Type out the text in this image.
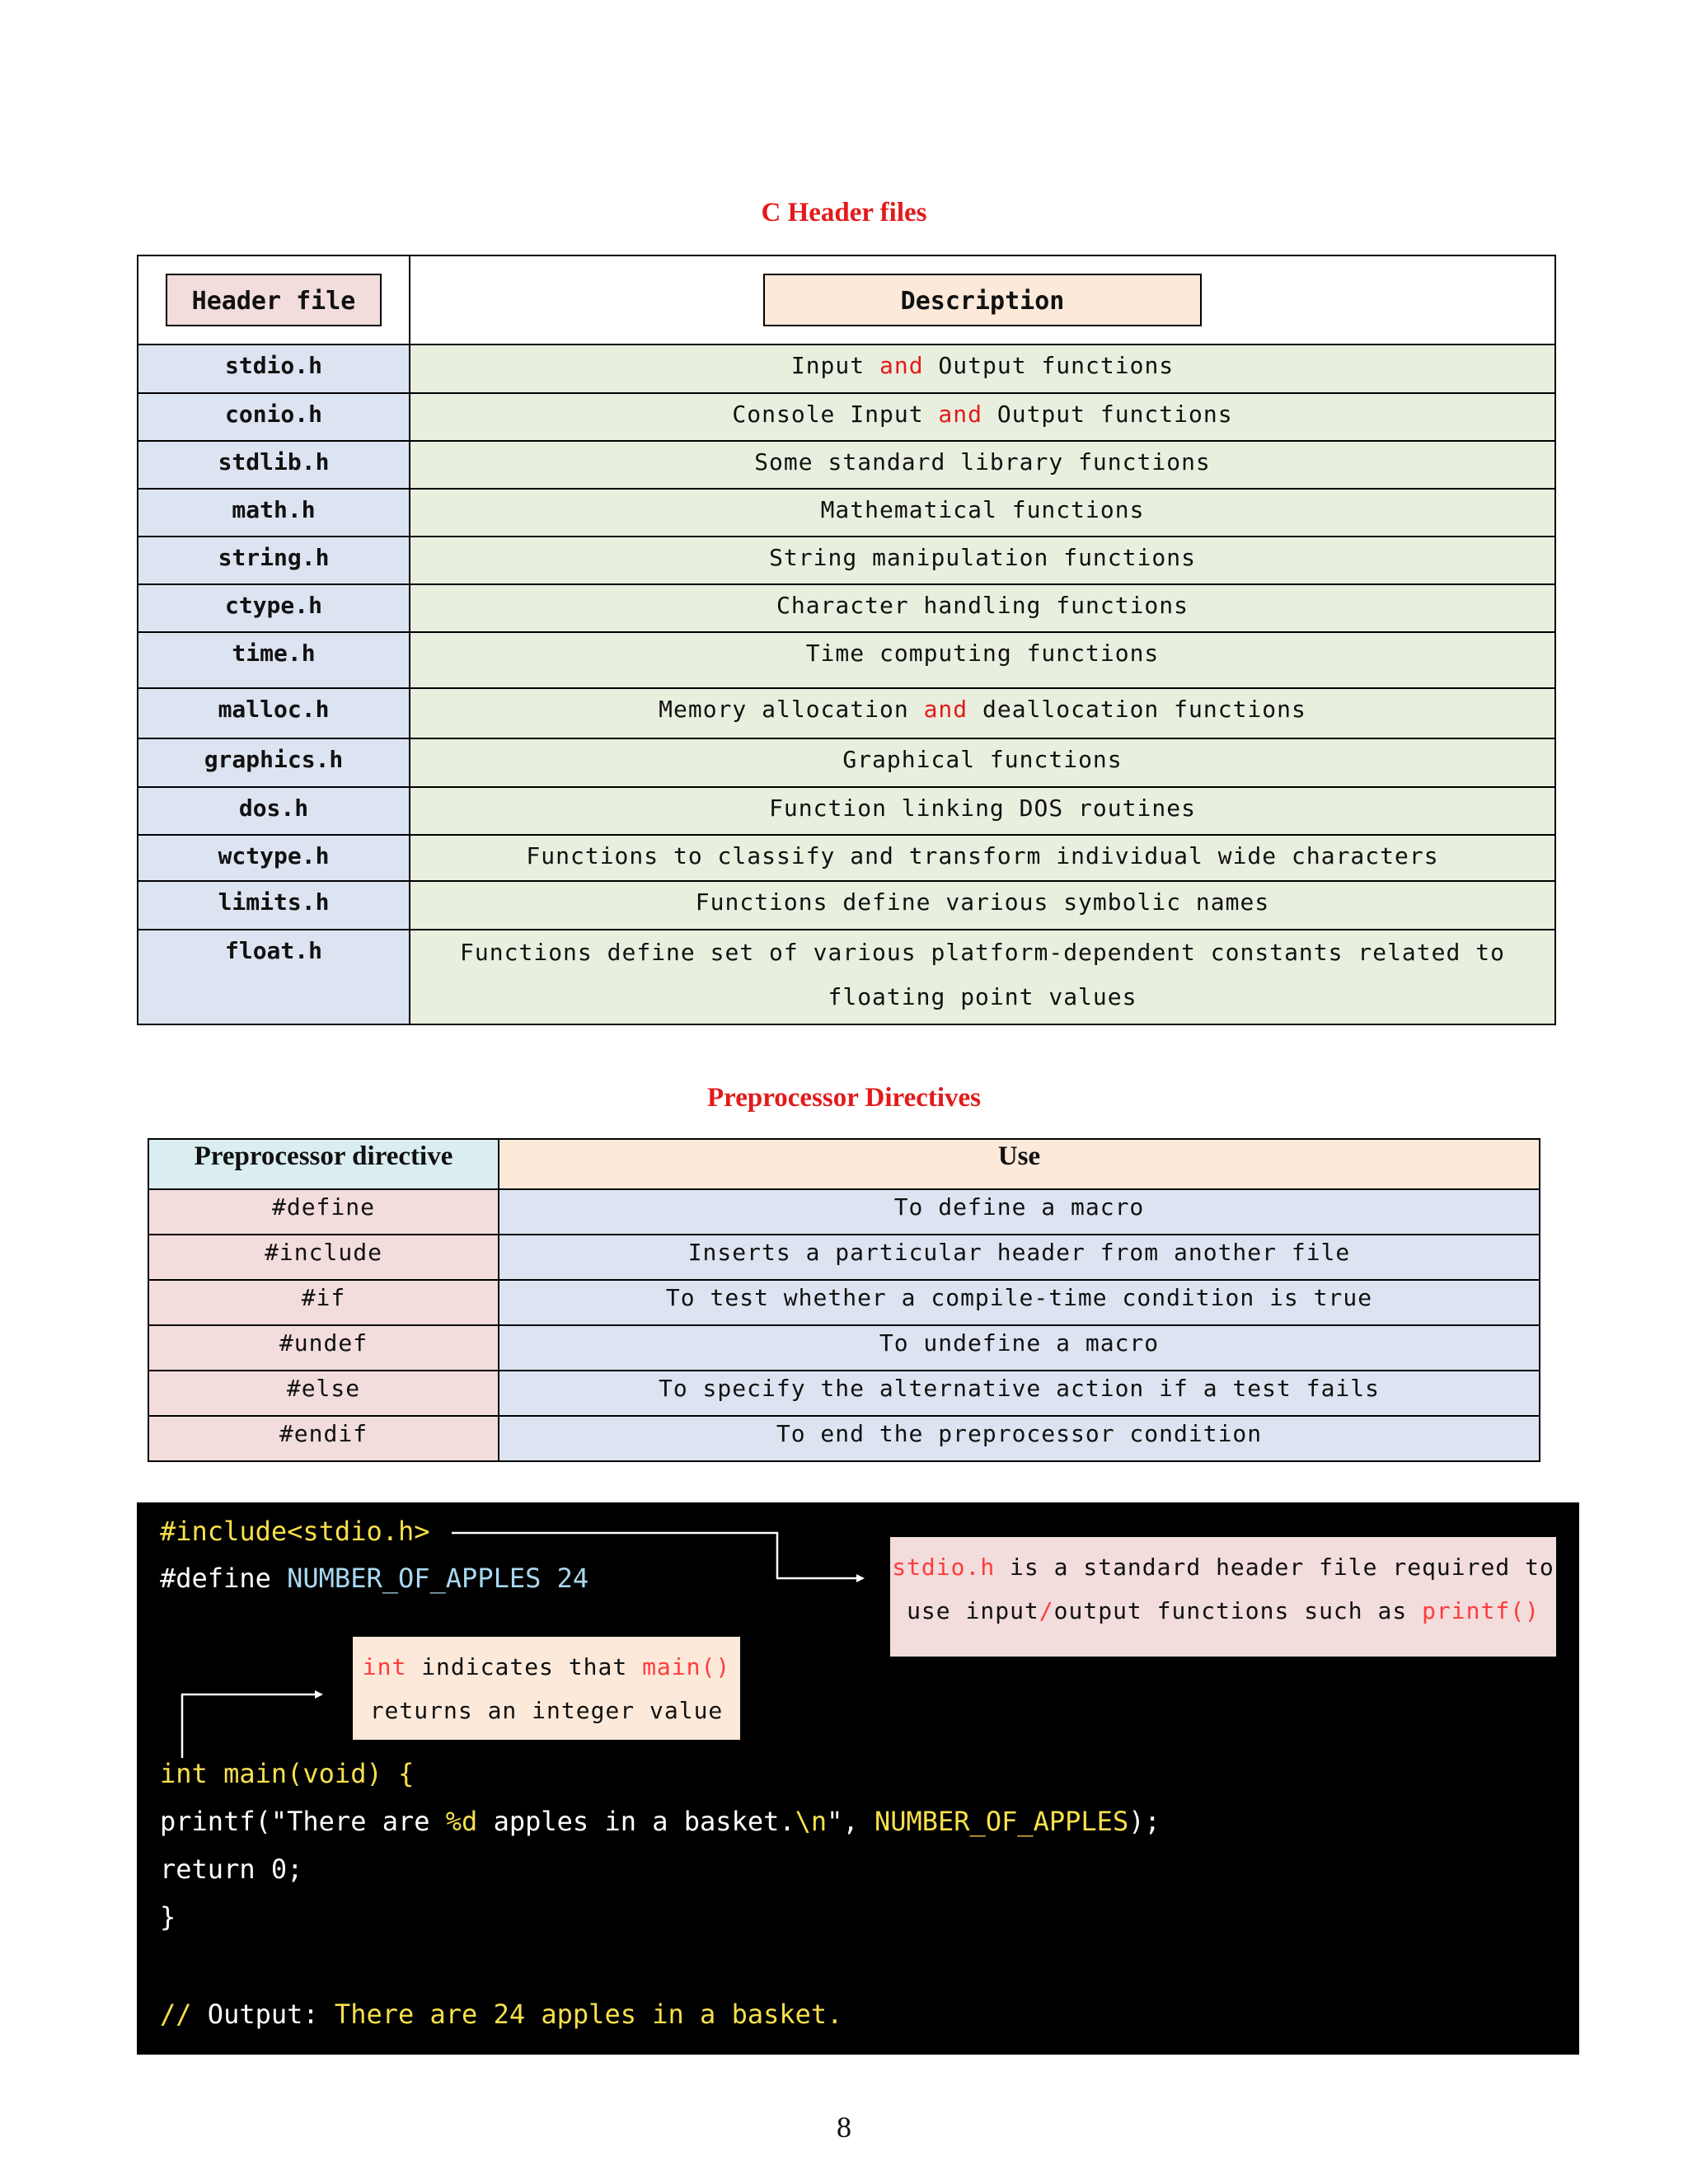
C Header files
Header file	Description
stdio.h	Input and Output functions
conio.h	Console Input and Output functions
stdlib.h	Some standard library functions
math.h	Mathematical functions
string.h	String manipulation functions
ctype.h	Character handling functions
time.h	Time computing functions
malloc.h	Memory allocation and deallocation functions
graphics.h	Graphical functions
dos.h	Function linking DOS routines
wctype.h	Functions to classify and transform individual wide characters
limits.h	Functions define various symbolic names
float.h	Functions define set of various platform-dependent constants related to
floating point values
Preprocessor Directives
Preprocessor directive	Use
#define	To define a macro
#include	Inserts a particular header from another file
#if	To test whether a compile-time condition is true
#undef	To undefine a macro
#else	To specify the alternative action if a test fails
#endif	To end the preprocessor condition
#include<stdio.h>
#define NUMBER_OF_APPLES 24	stdio.h is a standard header file required to
use input/output functions such as printf()
int indicates that main()
returns an integer value
int main(void) {
printf("There are %d apples in a basket.\n", NUMBER_OF_APPLES);
return 0;
}
// Output: There are 24 apples in a basket.
8
